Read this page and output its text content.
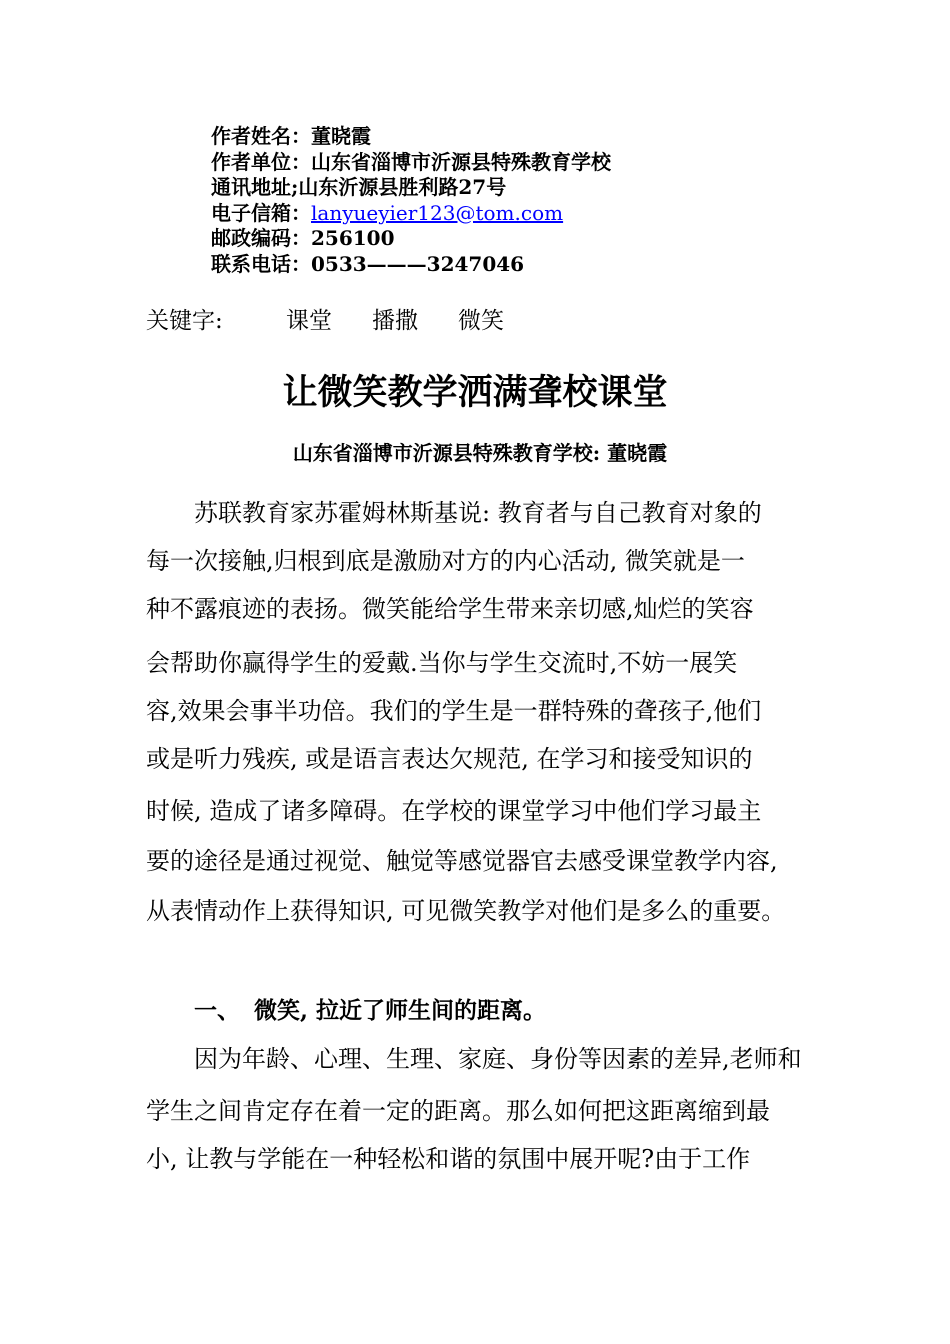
作者姓名：董晓霞
作者单位：山东省淄博市沂源县特殊教育学校
通讯地址;山东沂源县胜利路27号
电子信箱：lanyueyier123@tom.com
邮政编码：256100
联系电话：0533———3247046
关键字:	课堂 播撒 微笑
让微笑教学洒满聋校课堂
山东省淄博市沂源县特殊教育学校: 董晓霞
苏联教育家苏霍姆林斯基说: 教育者与自己教育对象的
每一次接触,归根到底是激励对方的内心活动, 微笑就是一
种不露痕迹的表扬。微笑能给学生带来亲切感,灿烂的笑容
会帮助你赢得学生的爱戴.当你与学生交流时,不妨一展笑
容,效果会事半功倍。我们的学生是一群特殊的聋孩子,他们
或是听力残疾, 或是语言表达欠规范, 在学习和接受知识的
时候, 造成了诸多障碍。在学校的课堂学习中他们学习最主
要的途径是通过视觉、触觉等感觉器官去感受课堂教学内容,
从表情动作上获得知识, 可见微笑教学对他们是多么的重要。
一、 微笑, 拉近了师生间的距离。
因为年龄、心理、生理、家庭、身份等因素的差异,老师和
学生之间肯定存在着一定的距离。那么如何把这距离缩到最
小, 让教与学能在一种轻松和谐的氛围中展开呢?由于工作
